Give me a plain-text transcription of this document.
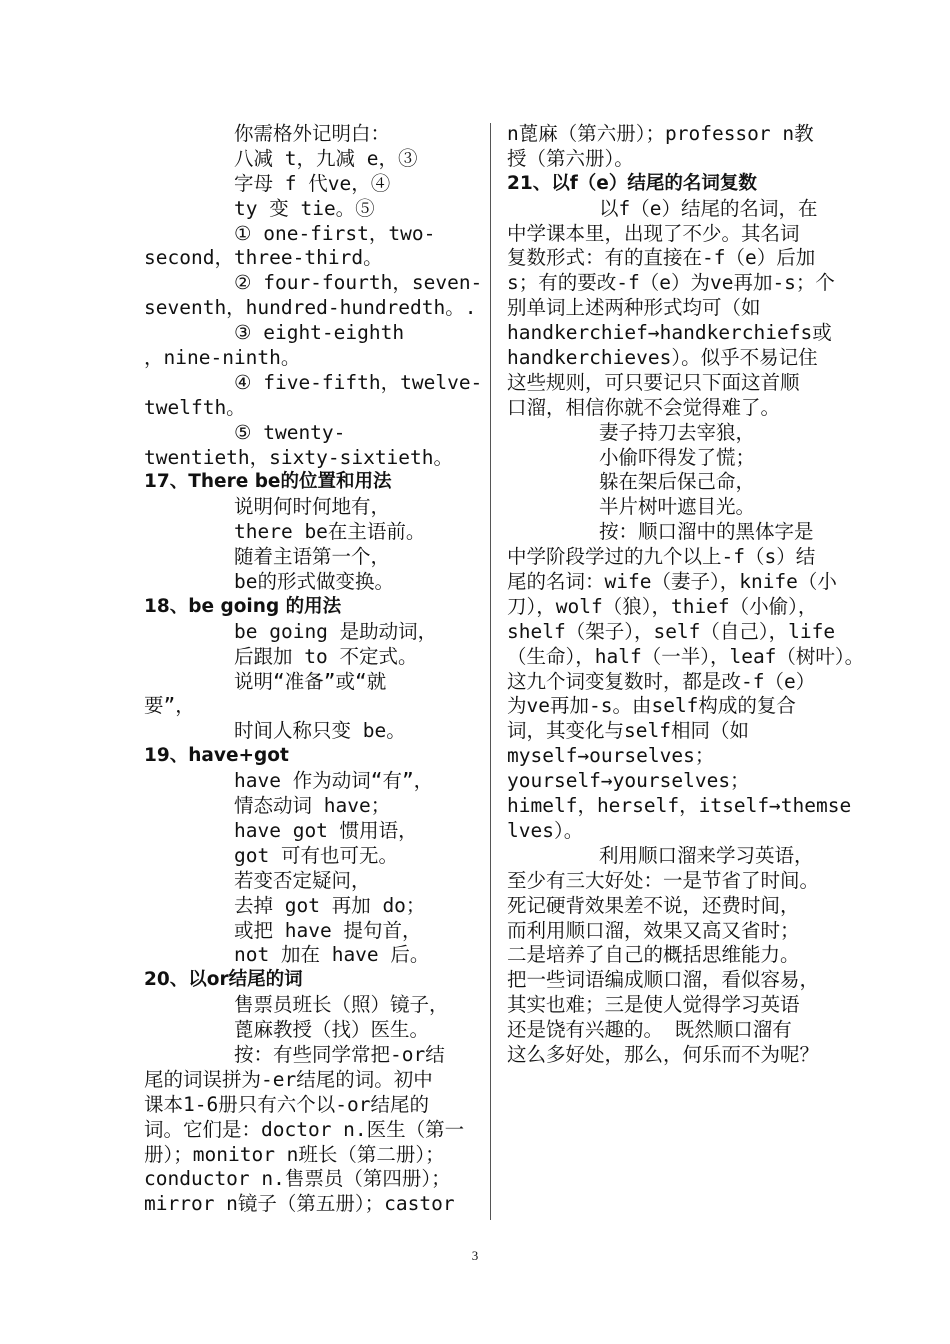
你需格外记明白：
八减 t，九减 e，③
字母 f 代ve，④
ty 变 tie。⑤
① one-first，two-
second，three-third。
② four-fourth，seven-
seventh，hundred-hundredth。.
③ eight-eighth
，nine-ninth。
④ five-fifth，twelve-
twelfth。
⑤ twenty-
twentieth，sixty-sixtieth。
17、There be的位置和用法
说明何时何地有，
there be在主语前。
随着主语第一个，
be的形式做变换。
18、be going 的用法
be going 是助动词，
后跟加 to 不定式。
说明“准备”或“就
要”，
时间人称只变 be。
19、have+got
have 作为动词“有”，
情态动词 have；
have got 惯用语，
got 可有也可无。
若变否定疑问，
去掉 got 再加 do；
或把 have 提句首，
not 加在 have 后。
20、以or结尾的词
售票员班长（照）镜子，
蓖麻教授（找）医生。
按：有些同学常把-or结
尾的词误拼为-er结尾的词。初中
课本1-6册只有六个以-or结尾的
词。它们是：doctor n.医生（第一
册）；monitor n班长（第二册）；
conductor n.售票员（第四册）；
mirror n镜子（第五册）；castor
n蓖麻（第六册）；professor n教
授（第六册）。
21、以f（e）结尾的名词复数
以f（e）结尾的名词，在
中学课本里，出现了不少。其名词
复数形式：有的直接在-f（e）后加
s；有的要改-f（e）为ve再加-s；个
别单词上述两种形式均可（如
handkerchief→handkerchiefs或
handkerchieves）。似乎不易记住
这些规则，可只要记只下面这首顺
口溜，相信你就不会觉得难了。
妻子持刀去宰狼，
小偷吓得发了慌；
躲在架后保己命，
半片树叶遮目光。
按：顺口溜中的黑体字是
中学阶段学过的九个以上-f（s）结
尾的名词：wife（妻子），knife（小
刀），wolf（狼），thief（小偷），
shelf（架子），self（自己），life
（生命），half（一半），leaf（树叶）。
这九个词变复数时，都是改-f（e）
为ve再加-s。由self构成的复合
词，其变化与self相同（如
myself→ourselves；
yourself→yourselves；
himelf，herself，itself→themse
lves）。
利用顺口溜来学习英语，
至少有三大好处：一是节省了时间。
死记硬背效果差不说，还费时间，
而利用顺口溜，效果又高又省时；
二是培养了自己的概括思维能力。
把一些词语编成顺口溜，看似容易，
其实也难；三是使人觉得学习英语
还是饶有兴趣的。 既然顺口溜有
这么多好处，那么，何乐而不为呢？
3
